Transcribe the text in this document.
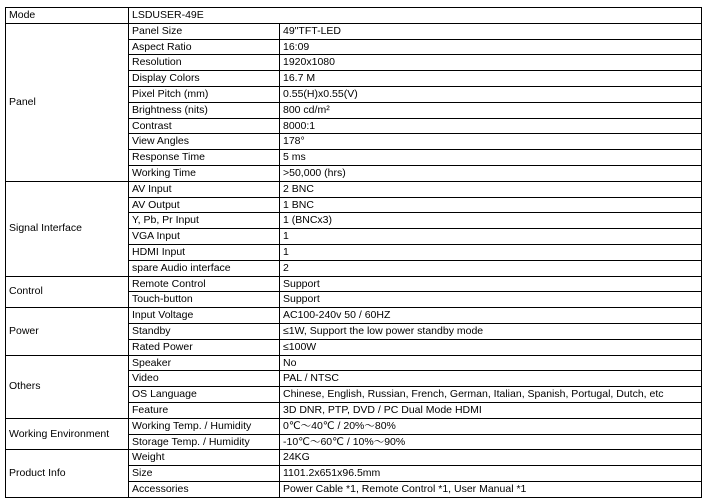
Mode	LSDUSER-49E	
Panel	Panel Size	49"TFT-LED
	Aspect Ratio	16:09
	Resolution	1920x1080
	Display Colors	16.7 M
	Pixel Pitch (mm)	0.55(H)x0.55(V)
	Brightness (nits)	800 cd/m²
	Contrast	8000:1
	View Angles	178°
	Response Time	5 ms
	Working Time	>50,000 (hrs)
Signal Interface	AV Input	2 BNC
	AV Output	1 BNC
	Y, Pb, Pr Input	1 (BNCx3)
	VGA Input	1
	HDMI Input	1
	spare Audio interface	2
Control	Remote Control	Support
	Touch-button	Support
Power	Input Voltage	AC100-240v 50 / 60HZ
	Standby	≤1W, Support the low power standby mode
	Rated Power	≤100W
Others	Speaker	No
	Video	PAL / NTSC
	OS Language	Chinese, English, Russian, French, German, Italian, Spanish, Portugal, Dutch, etc
	Feature	3D DNR, PTP, DVD / PC Dual Mode HDMI
Working Environment	Working Temp. / Humidity	0℃～40℃ / 20%～80%
	Storage Temp. / Humidity	-10℃～60℃ / 10%～90%
Product Info	Weight	24KG
	Size	1101.2x651x96.5mm
	Accessories	Power Cable *1, Remote Control *1, User Manual *1
